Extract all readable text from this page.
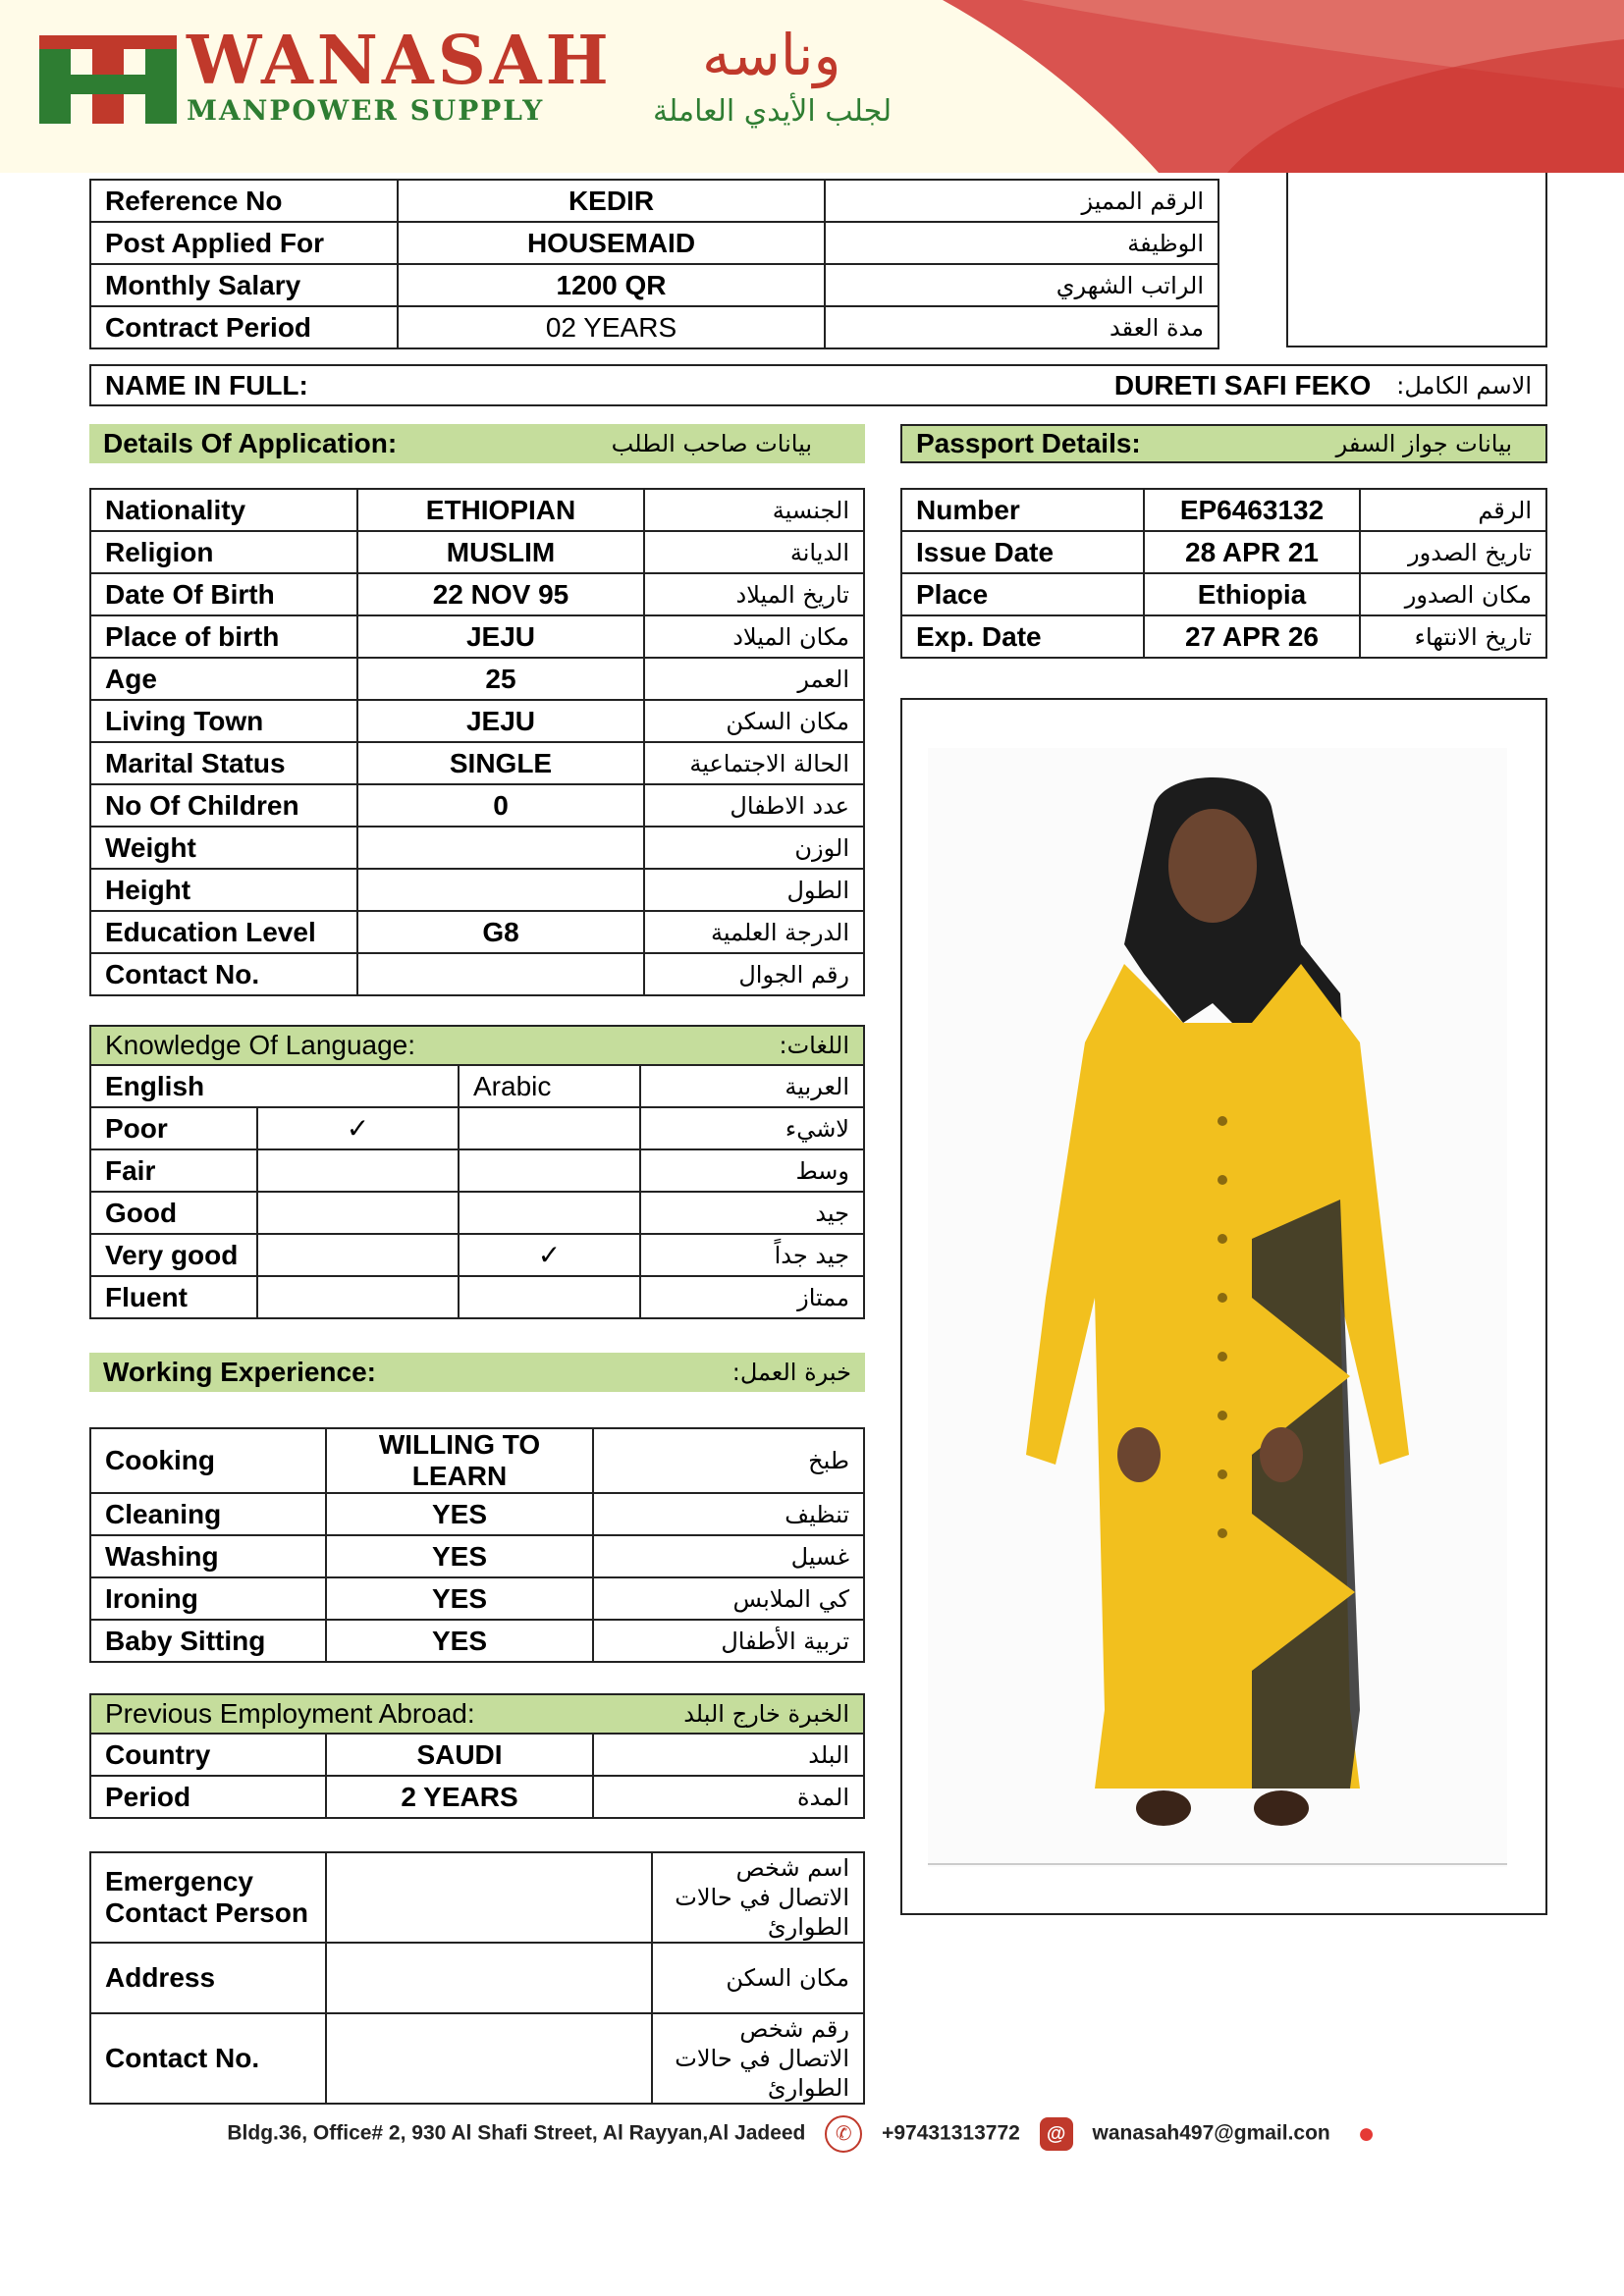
WANASAH وناسه
MANPOWER SUPPLY	لجلب الأيدي العاملة
Reference No	KEDIR	الرقم المميز
Post Applied For	HOUSEMAID	الوظيفة
Monthly Salary	1200 QR	الراتب الشهري
Contract Period	02 YEARS	مدة العقد
NAME IN FULL:	DURETI SAFI FEKO الاسم الكامل:
Details Of Application:	بيانات صاحب الطلب
Nationality	ETHIOPIAN	الجنسية
Religion	MUSLIM	الديانة
Date Of Birth	22 NOV 95	تاريخ الميلاد
Place of birth	JEJU	مكان الميلاد
Age	25	العمر
Living Town	JEJU	مكان السكن
Marital Status	SINGLE	الحالة الاجتماعية
No Of Children	0	عدد الاطفال
Weight		الوزن
Height		الطول
Education Level	G8	الدرجة العلمية
Contact No.		رقم الجوال
Passport Details:	بيانات جواز السفر
Number	EP6463132	الرقم
Issue Date	28 APR 21	تاريخ الصدور
Place	Ethiopia	مكان الصدور
Exp. Date	27 APR 26	تاريخ الانتهاء
Knowledge Of Language:	اللغات:
English		Arabic	العربية
Poor	✓		لاشيء
Fair			وسط
Good			جيد
Very good		✓	جيد جداً
Fluent			ممتاز
Working Experience:	خبرة العمل:
Cooking	WILLING TO LEARN	طبخ
Cleaning	YES	تنظيف
Washing	YES	غسيل
Ironing	YES	كي الملابس
Baby Sitting	YES	تربية الأطفال
Previous Employment Abroad:	الخبرة خارج البلد
Country	SAUDI	البلد
Period	2 YEARS	المدة
Emergency Contact Person		اسم شخص الاتصال في حالات الطوارئ
Address		مكان السكن
Contact No.		رقم شخص الاتصال في حالات الطوارئ
Bldg.36, Office# 2, 930 Al Shafi Street, Al Rayyan,Al Jadeed ✆ +97431313772 @ wanasah497@gmail.con ●
